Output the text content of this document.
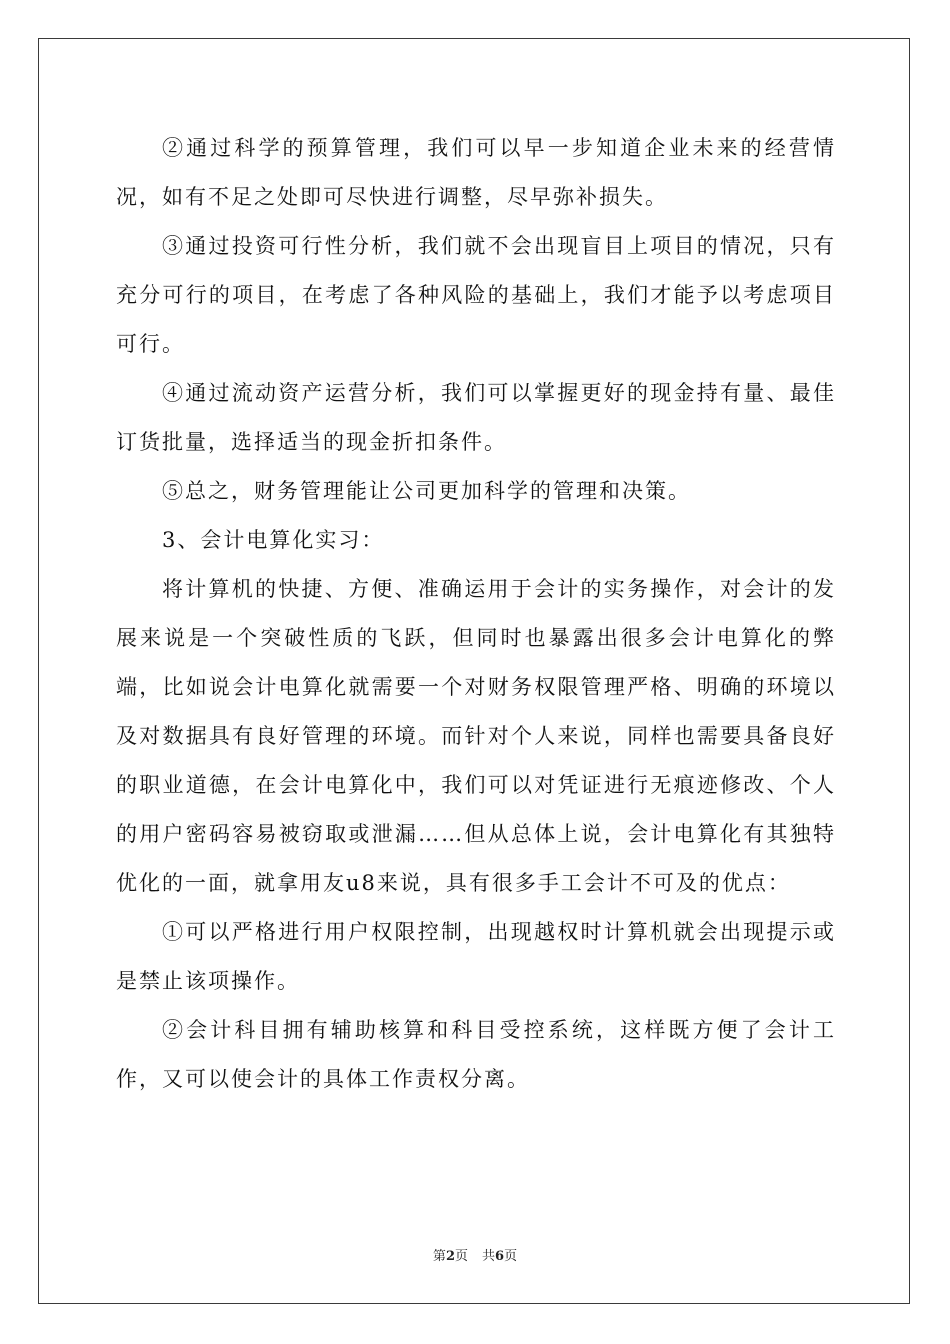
②通过科学的预算管理，我们可以早一步知道企业未来的经营情况，如有不足之处即可尽快进行调整，尽早弥补损失。

③通过投资可行性分析，我们就不会出现盲目上项目的情况，只有充分可行的项目，在考虑了各种风险的基础上，我们才能予以考虑项目可行。

④通过流动资产运营分析，我们可以掌握更好的现金持有量、最佳订货批量，选择适当的现金折扣条件。

⑤总之，财务管理能让公司更加科学的管理和决策。

3、会计电算化实习：

将计算机的快捷、方便、准确运用于会计的实务操作，对会计的发展来说是一个突破性质的飞跃，但同时也暴露出很多会计电算化的弊端，比如说会计电算化就需要一个对财务权限管理严格、明确的环境以及对数据具有良好管理的环境。而针对个人来说，同样也需要具备良好的职业道德，在会计电算化中，我们可以对凭证进行无痕迹修改、个人的用户密码容易被窃取或泄漏……但从总体上说，会计电算化有其独特优化的一面，就拿用友u8来说，具有很多手工会计不可及的优点：

①可以严格进行用户权限控制，出现越权时计算机就会出现提示或是禁止该项操作。

②会计科目拥有辅助核算和科目受控系统，这样既方便了会计工作，又可以使会计的具体工作责权分离。

第2页 共6页
